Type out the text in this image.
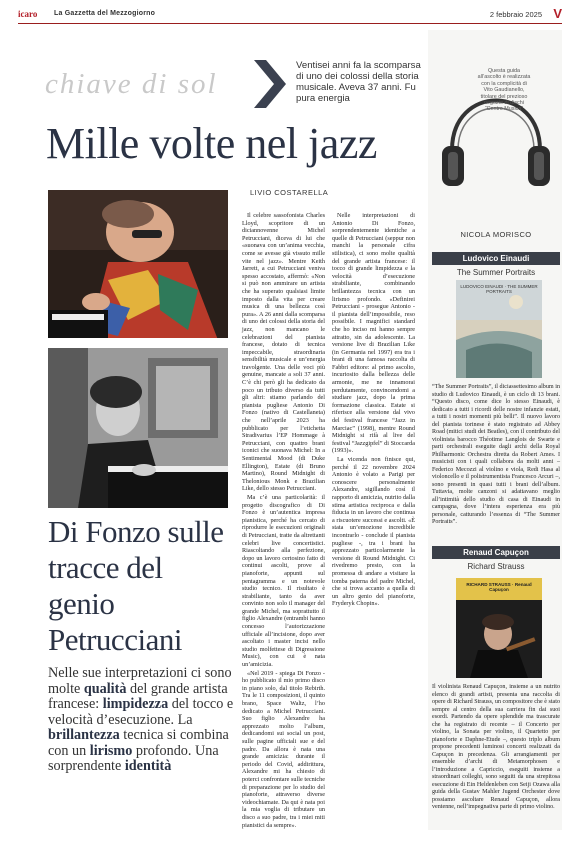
icaro La Gazzetta del Mezzogiorno	2 febbraio 2025 V
chiave di sol
Ventisei anni fa la scomparsa di uno dei colossi della storia musicale. Aveva 37 anni. Fu pura energia
Mille volte nel jazz
LIVIO COSTARELLA
Di Fonzo sulle tracce del genio Petrucciani
Nelle sue interpretazioni ci sono molte qualità del grande artista francese: limpidezza del tocco e velocità d’esecuzione. La brillantezza tecnica si combina con un lirismo profondo. Una sorprendente identità

Il celebre sassofonista Charles Lloyd, scopritore di un diciannovenne Michel Petrucciani, diceva di lui che «suonava con un’anima vecchia, come se avesse già vissuto mille vite nel jazz». Mentre Keith Jarrett, a cui Petrucciani veniva spesso accostato, affermò: «Non si può non ammirare un artista che ha superato qualsiasi limite imposto dalla vita per creare musica di una bellezza così pura». A 26 anni dalla scomparsa di uno dei colossi della storia del jazz, non mancano le celebrazioni del pianista francese, dotato di tecnica impeccabile, straordinaria sensibilità musicale e un’energia travolgente. Una delle voci più genuine, mancate a soli 37 anni. C’è chi però gli ha dedicato da poco un tributo diverso da tutti gli altri: stiamo parlando del pianista pugliese Antonio Di Fonzo (nativo di Castellaneta) che nell’aprile 2023 ha pubblicato per l’etichetta Stradivarius l’EP Hommage à Petrucciani, con quattro brani iconici che suonava Michel: In a Sentimental Mood (di Duke Ellington), Estate (di Bruno Martino), Round Midnight di Thelonious Monk e Brazilian Like, dello stesso Petrucciani.

Ma c’è una particolarità: il progetto discografico di Di Fonzo è un’autentica impresa pianistica, perché ha cercato di riprodurre le esecuzioni originali di Petrucciani, tratte da altrettanti celebri live concertistici. Riascoltando alla perfezione, dopo un lavoro certosino fatto di continui ascolti, prove al pianoforte, appunti sul pentagramma e un notevole studio tecnico. Il risultato è strabiliante, tanto da aver convinto non solo il manager del grande Michel, ma soprattutto il figlio Alexandre (entrambi hanno concesso l’autorizzazione ufficiale all’incisione, dopo aver ascoltato i master incisi nello studio molfettese di Digressione Music), con cui è nata un’amicizia.

«Nel 2019 - spiega Di Fonzo - ho pubblicato il mio primo disco in piano solo, dal titolo Rebirth. Tra le 11 composizioni, il quinto brano, Space Waltz, l’ho dedicato a Michel Petrucciani. Suo figlio Alexandre ha apprezzato molto l’album, dedicandomi sui social un post, sulle pagine ufficiali sue e del padre. Da allora è nata una grande amicizia: durante il periodo del Covid, addirittura, Alexandre mi ha chiesto di poterci confrontare sulle tecniche di preparazione per lo studio del pianoforte, attraverso diverse videochiamate. Da qui è nata poi la mia voglia di tributare un disco a suo padre, tra i miei miti pianistici da sempre».

Nelle interpretazioni di Antonio Di Fonzo, sorprendentemente identiche a quelle di Petrucciani (seppur non manchi la personale cifra stilistica), ci sono molte qualità del grande artista francese: il tocco di grande limpidezza e la velocità d’esecuzione strabiliante, combinando brillantezza tecnica con un lirismo profondo. «Definirei Petrucciani - prosegue Antonio - il pianista dell’impossibile, reso possibile. I magnifici standard che ho inciso mi hanno sempre attratto, sin da adolescente. La versione live di Brazilian Like (in Germania nel 1997) era tra i brani di una famosa raccolta di Fabbri editore: al primo ascolto, incuriosito dalla bellezza delle armonie, me ne innamorai perdutamente, convincendomi a studiare jazz, dopo la prima formazione classica. Estate si riferisce alla versione dal vivo del festival francese “Jazz in Marciac” (1998), mentre Round Midnight si rifà al live del festival “Jazzgipfel” di Stoccarda (1993)».

La vicenda non finisce qui, perché il 22 novembre 2024 Antonio è volato a Parigi per conoscere personalmente Alexandre, sigillando così il rapporto di amicizia, nutrito dalla stima artistica reciproca e dalla fiducia in un lavoro che continua a riscuotere successi e ascolti. «È stata un’emozione incredibile incontrarlo - conclude il pianista pugliese -, tra i brani ha apprezzato particolarmente la versione di Round Midnight. Ci rivedremo presto, con la promessa di andare a visitare la tomba paterna del padre Michel, che si trova accanto a quella di un altro genio del pianoforte, Fryderyk Chopin».

Questa guida all’ascolto è realizzata con la complicità di Vito Gaudianello, titolare del prezioso negozio di dischi “Centro Musica”
NICOLA MORISCO
Ludovico Einaudi
The Summer Portraits
LUDOVICO EINAUDI · THE SUMMER PORTRAITS
“The Summer Portraits”, il diciassettesimo album in studio di Ludovico Einaudi, è un ciclo di 13 brani. “Questo disco, come dice lo stesso Einaudi, è dedicato a tutti i ricordi delle nostre infanzie estati, a tutti i nostri momenti più belli”. Il nuovo lavoro del pianista torinese è stato registrato ad Abbey Road (mitici studi dei Beatles), con il contributo del violinista barocco Théotime Langlois de Swarte e parti orchestrali eseguite dagli archi della Royal Philharmonic Orchestra diretta da Robert Ames. I musicisti con i quali collabora da molti anni – Federico Mecozzi al violino e viola, Redi Hasa al violoncello e il polistrumentista Francesco Arcuri –, sono presenti in quasi tutti i brani dell’album. Tuttavia, molte canzoni si adattavano meglio all’intimità dello studio di casa di Einaudi in campagna, dove l’intera esperienza era più personale, catturando l’essenza di “The Summer Portraits”.
Renaud Capuçon
Richard Strauss
RICHARD STRAUSS · Renaud Capuçon
Il violinista Renaud Capuçon, insieme a un nutrito elenco di grandi artisti, presenta una raccolta di opere di Richard Strauss, un compositore che è stato sempre al centro della sua carriera fin dai suoi esordi. Partendo da opere splendide ma trascurate che ha registrato di recente – il Concerto per violino, la Sonata per violino, il Quartetto per pianoforte e Daphne-Etude –, questo triplo album propone precedenti luminosi concerti realizzati da Capuçon in precedenza. Gli arrangiamenti per ensemble d’archi di Metamorphosen e l’introduzione a Capriccio, eseguiti insieme a straordinari colleghi, sono seguiti da una strepitosa esecuzione di Ein Heldenleben con Seiji Ozawa alla guida della Gustav Mahler Jugend Orchester dove possiamo ascoltare Renaud Capuçon, allora ventenne, nell’impegnativa parte di primo violino.
